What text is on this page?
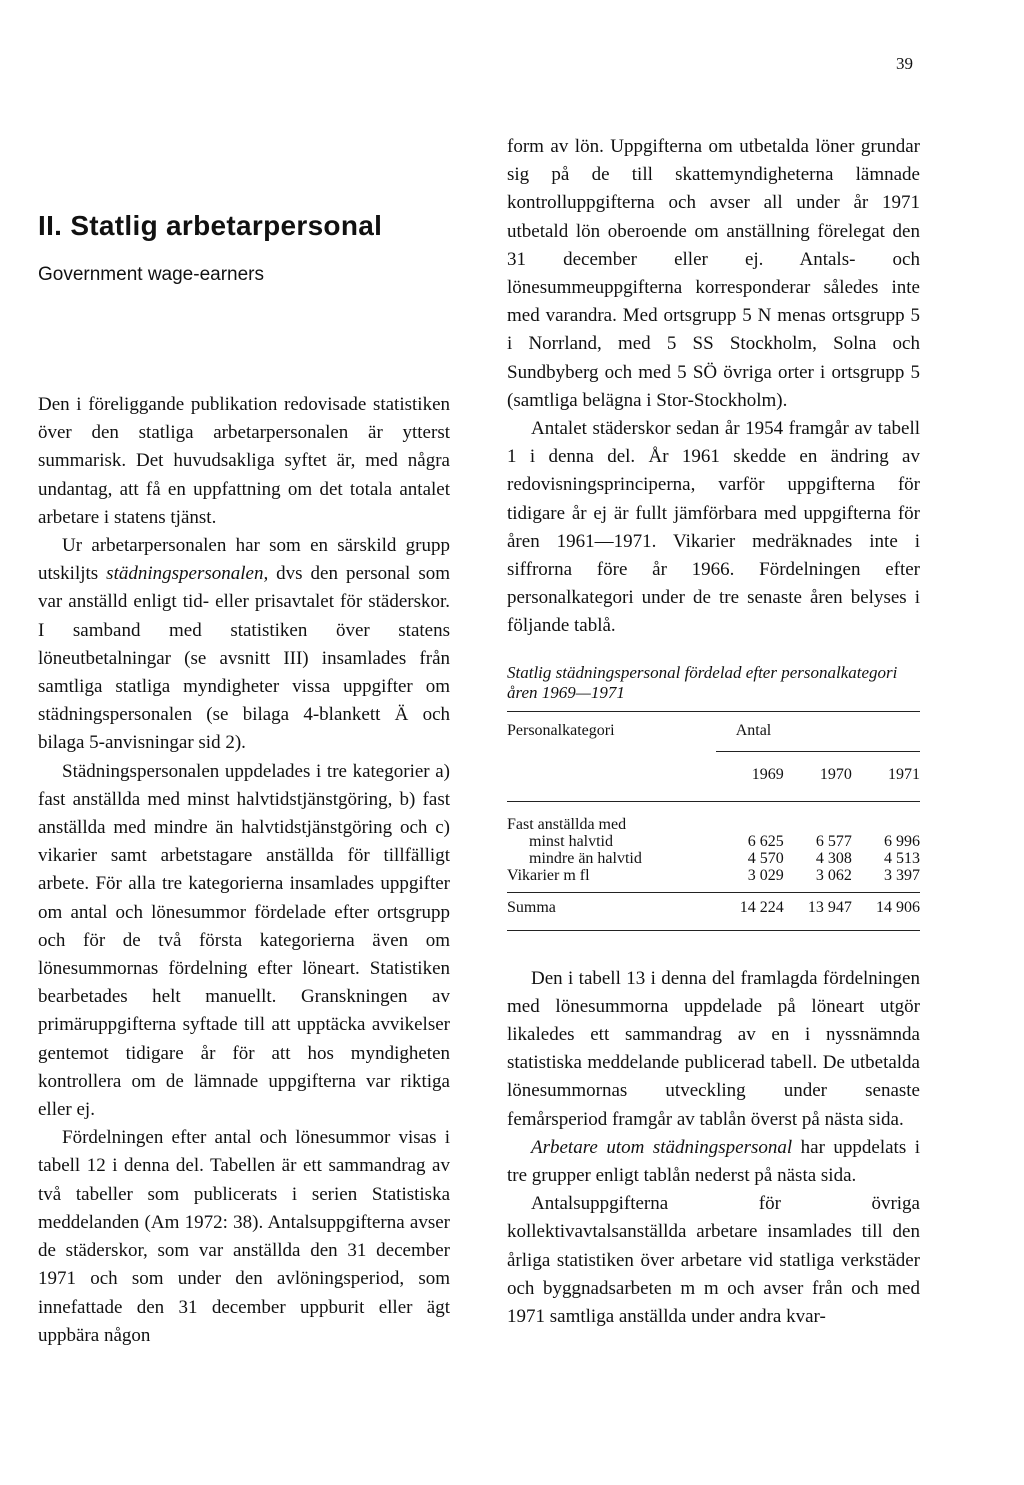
39
II. Statlig arbetarpersonal

Government wage-earners

Den i föreliggande publikation redovisade statistiken över den statliga arbetarpersonalen är ytterst summarisk. Det huvudsakliga syftet är, med några undantag, att få en uppfattning om det totala antalet arbetare i statens tjänst.

Ur arbetarpersonalen har som en särskild grupp utskiljts städningspersonalen, dvs den personal som var anställd enligt tid- eller prisavtalet för städerskor. I samband med statistiken över statens löneutbetalningar (se avsnitt III) insamlades från samtliga statliga myndigheter vissa uppgifter om städningspersonalen (se bilaga 4-blankett Ä och bilaga 5-anvisningar sid 2).

Städningspersonalen uppdelades i tre kategorier a) fast anställda med minst halvtidstjänstgöring, b) fast anställda med mindre än halvtidstjänstgöring och c) vikarier samt arbetstagare anställda för tillfälligt arbete. För alla tre kategorierna insamlades uppgifter om antal och lönesummor fördelade efter ortsgrupp och för de två första kategorierna även om lönesummornas fördelning efter löneart. Statistiken bearbetades helt manuellt. Granskningen av primäruppgifterna syftade till att upptäcka avvikelser gentemot tidigare år för att hos myndigheten kontrollera om de lämnade uppgifterna var riktiga eller ej.

Fördelningen efter antal och lönesummor visas i tabell 12 i denna del. Tabellen är ett sammandrag av två tabeller som publicerats i serien Statistiska meddelanden (Am 1972: 38). Antalsuppgifterna avser de städerskor, som var anställda den 31 december 1971 och som under den avlöningsperiod, som innefattade den 31 december uppburit eller ägt uppbära någon

form av lön. Uppgifterna om utbetalda löner grundar sig på de till skattemyndigheterna lämnade kontrolluppgifterna och avser all under år 1971 utbetald lön oberoende om anställning förelegat den 31 december eller ej. Antals- och lönesummeuppgifterna korresponderar således inte med varandra. Med ortsgrupp 5 N menas ortsgrupp 5 i Norrland, med 5 SS Stockholm, Solna och Sundbyberg och med 5 SÖ övriga orter i ortsgrupp 5 (samtliga belägna i Stor-Stockholm).

Antalet städerskor sedan år 1954 framgår av tabell 1 i denna del. År 1961 skedde en ändring av redovisningsprinciperna, varför uppgifterna för tidigare år ej är fullt jämförbara med uppgifterna för åren 1961—1971. Vikarier medräknades inte i siffrorna före år 1966. Fördelningen efter personalkategori under de tre senaste åren belyses i följande tablå.

Statlig städningspersonal fördelad efter personalkategori åren 1969—1971

Personalkategori	Antal		
	1969	1970	1971
Fast anställda med			
minst halvtid	6 625	6 577	6 996
mindre än halvtid	4 570	4 308	4 513
Vikarier m fl	3 029	3 062	3 397
Summa	14 224	13 947	14 906

Den i tabell 13 i denna del framlagda fördelningen med lönesummorna uppdelade på löneart utgör likaledes ett sammandrag av en i nyssnämnda statistiska meddelande publicerad tabell. De utbetalda lönesummornas utveckling under senaste femårsperiod framgår av tablån överst på nästa sida.

Arbetare utom städningspersonal har uppdelats i tre grupper enligt tablån nederst på nästa sida.

Antalsuppgifterna för övriga kollektivavtalsanställda arbetare insamlades till den årliga statistiken över arbetare vid statliga verkstäder och byggnadsarbeten m m och avser från och med 1971 samtliga anställda under andra kvar-
